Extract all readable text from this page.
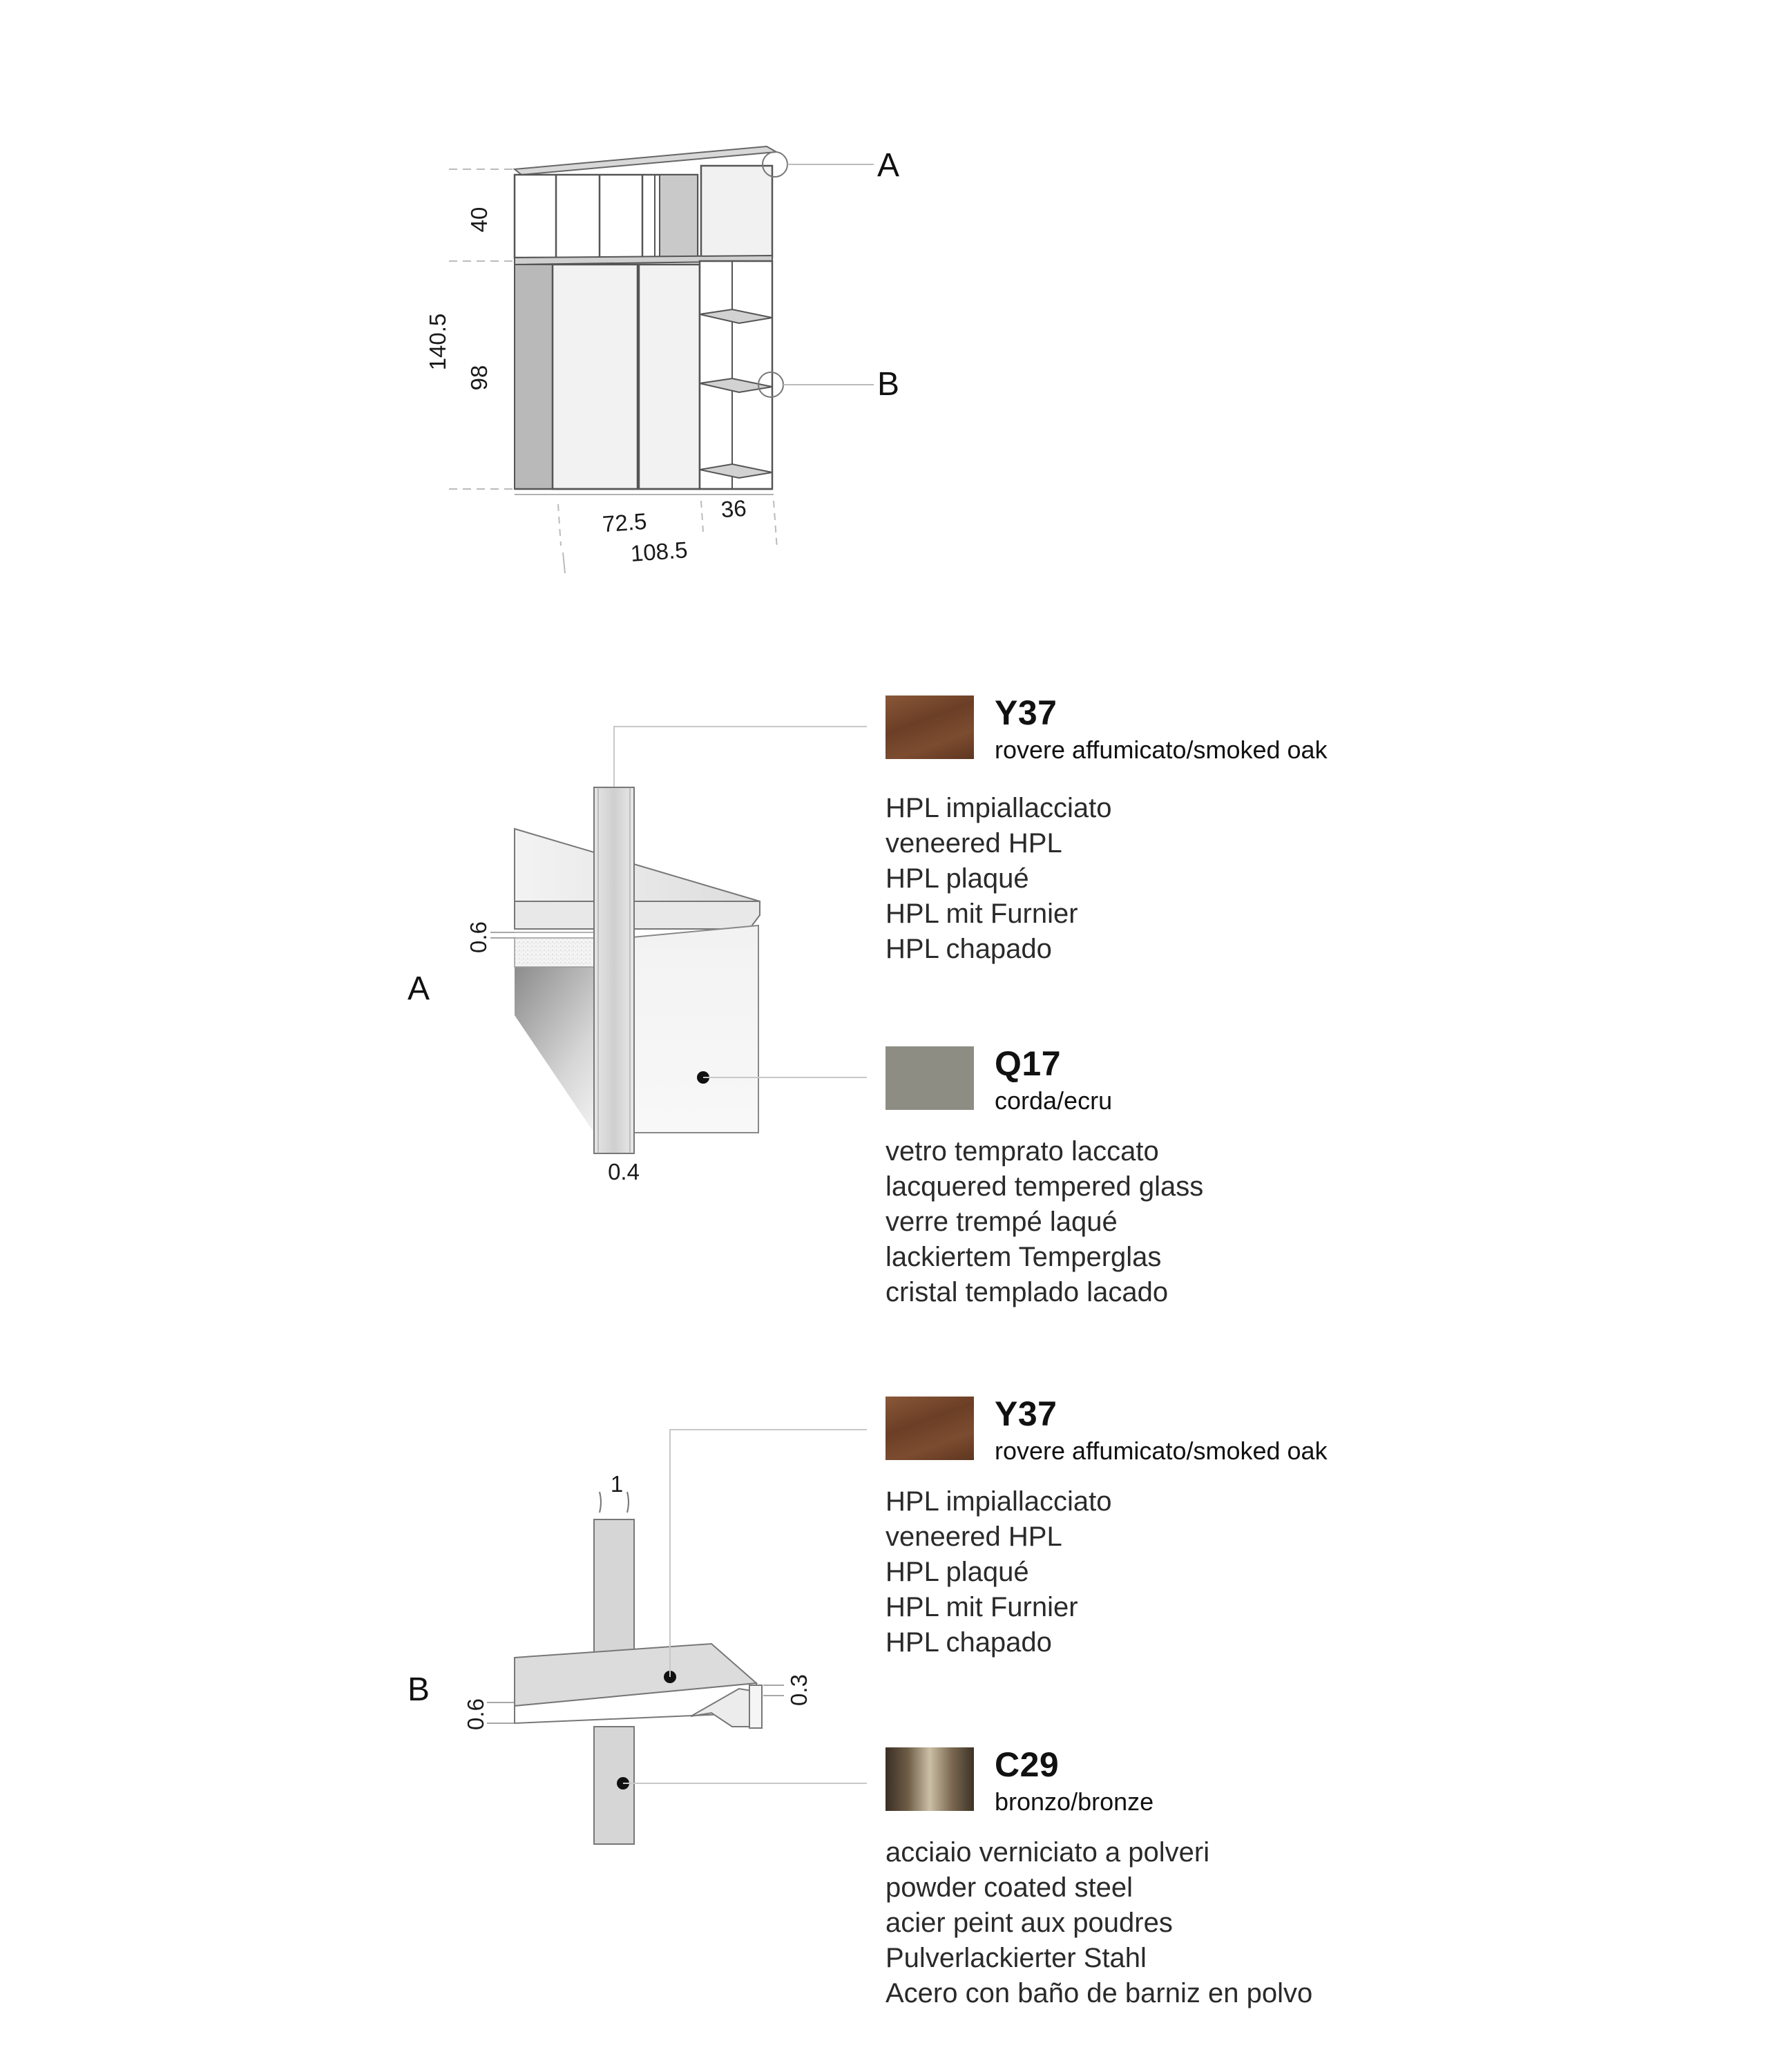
40
140.5
98
72.5	36
108.5
A
B
0.6
0.4
A
1
0.6
0.3
B
Y37
rovere affumicato/smoked oak
HPL impiallacciato
veneered HPL
HPL plaqué
HPL mit Furnier
HPL chapado
Q17
corda/ecru
vetro temprato laccato
lacquered tempered glass
verre trempé laqué
lackiertem Temperglas
cristal templado lacado
Y37
rovere affumicato/smoked oak
HPL impiallacciato
veneered HPL
HPL plaqué
HPL mit Furnier
HPL chapado
C29
bronzo/bronze
acciaio verniciato a polveri
powder coated steel
acier peint aux poudres
Pulverlackierter Stahl
Acero con baño de barniz en polvo
